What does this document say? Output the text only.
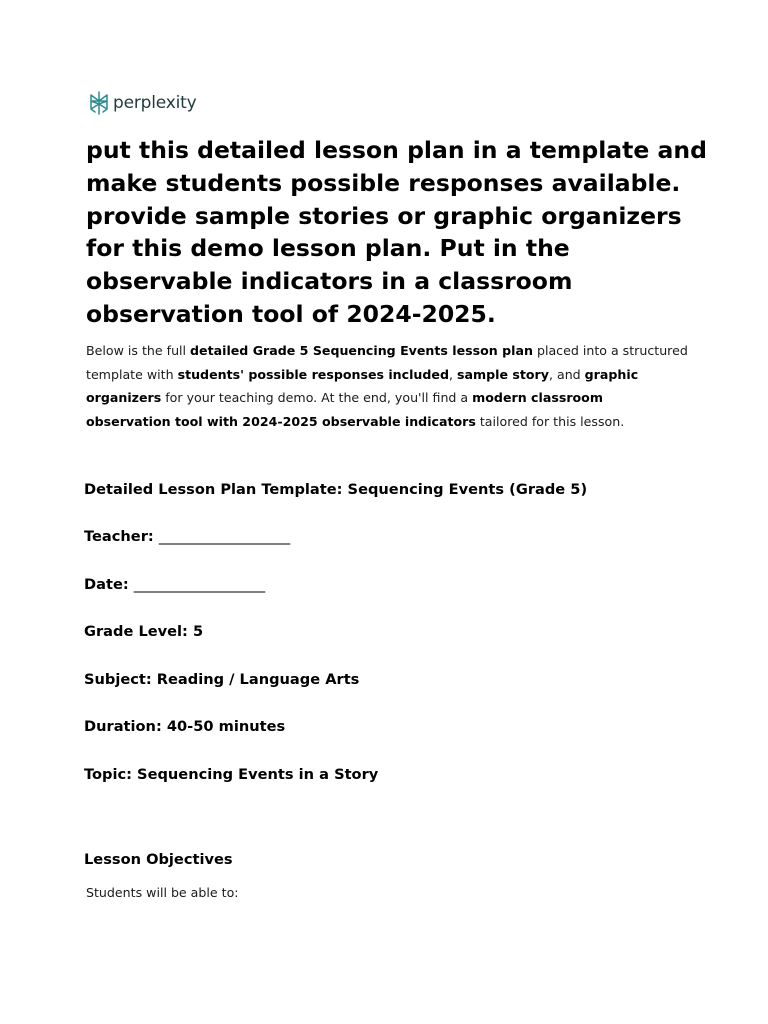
perplexity
put this detailed lesson plan in a template and make students possible responses available. provide sample stories or graphic organizers for this demo lesson plan. Put in the observable indicators in a classroom observation tool of 2024-2025.

Below is the full detailed Grade 5 Sequencing Events lesson plan placed into a structured template with students' possible responses included, sample story, and graphic organizers for your teaching demo. At the end, you'll find a modern classroom observation tool with 2024-2025 observable indicators tailored for this lesson.

Detailed Lesson Plan Template: Sequencing Events (Grade 5)

Teacher: __________________

Date: __________________

Grade Level: 5

Subject: Reading / Language Arts

Duration: 40-50 minutes

Topic: Sequencing Events in a Story

Lesson Objectives

Students will be able to:
